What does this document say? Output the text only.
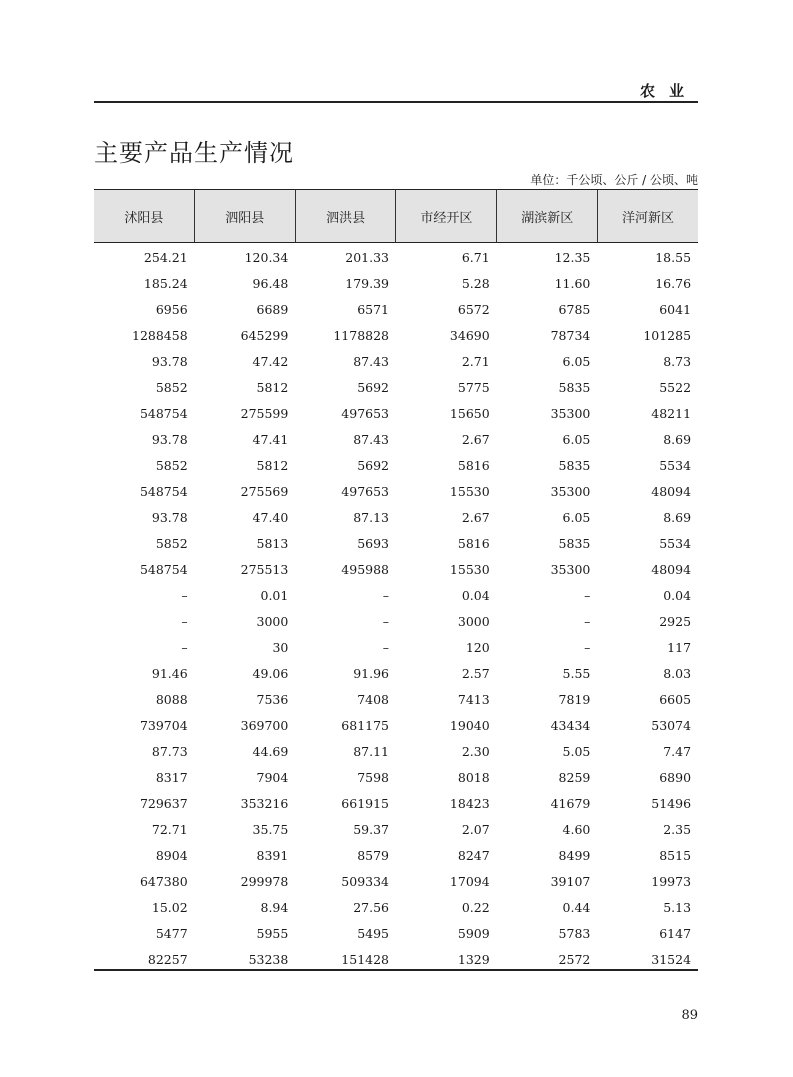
农业
主要产品生产情况
单位：千公顷、公斤 / 公顷、吨
沭阳县	泗阳县	泗洪县	市经开区	湖滨新区	洋河新区
254.21	120.34	201.33	6.71	12.35	18.55
185.24	96.48	179.39	5.28	11.60	16.76
6956	6689	6571	6572	6785	6041
1288458	645299	1178828	34690	78734	101285
93.78	47.42	87.43	2.71	6.05	8.73
5852	5812	5692	5775	5835	5522
548754	275599	497653	15650	35300	48211
93.78	47.41	87.43	2.67	6.05	8.69
5852	5812	5692	5816	5835	5534
548754	275569	497653	15530	35300	48094
93.78	47.40	87.13	2.67	6.05	8.69
5852	5813	5693	5816	5835	5534
548754	275513	495988	15530	35300	48094
–	0.01	–	0.04	–	0.04
–	3000	–	3000	–	2925
–	30	–	120	–	117
91.46	49.06	91.96	2.57	5.55	8.03
8088	7536	7408	7413	7819	6605
739704	369700	681175	19040	43434	53074
87.73	44.69	87.11	2.30	5.05	7.47
8317	7904	7598	8018	8259	6890
729637	353216	661915	18423	41679	51496
72.71	35.75	59.37	2.07	4.60	2.35
8904	8391	8579	8247	8499	8515
647380	299978	509334	17094	39107	19973
15.02	8.94	27.56	0.22	0.44	5.13
5477	5955	5495	5909	5783	6147
82257	53238	151428	1329	2572	31524
89
